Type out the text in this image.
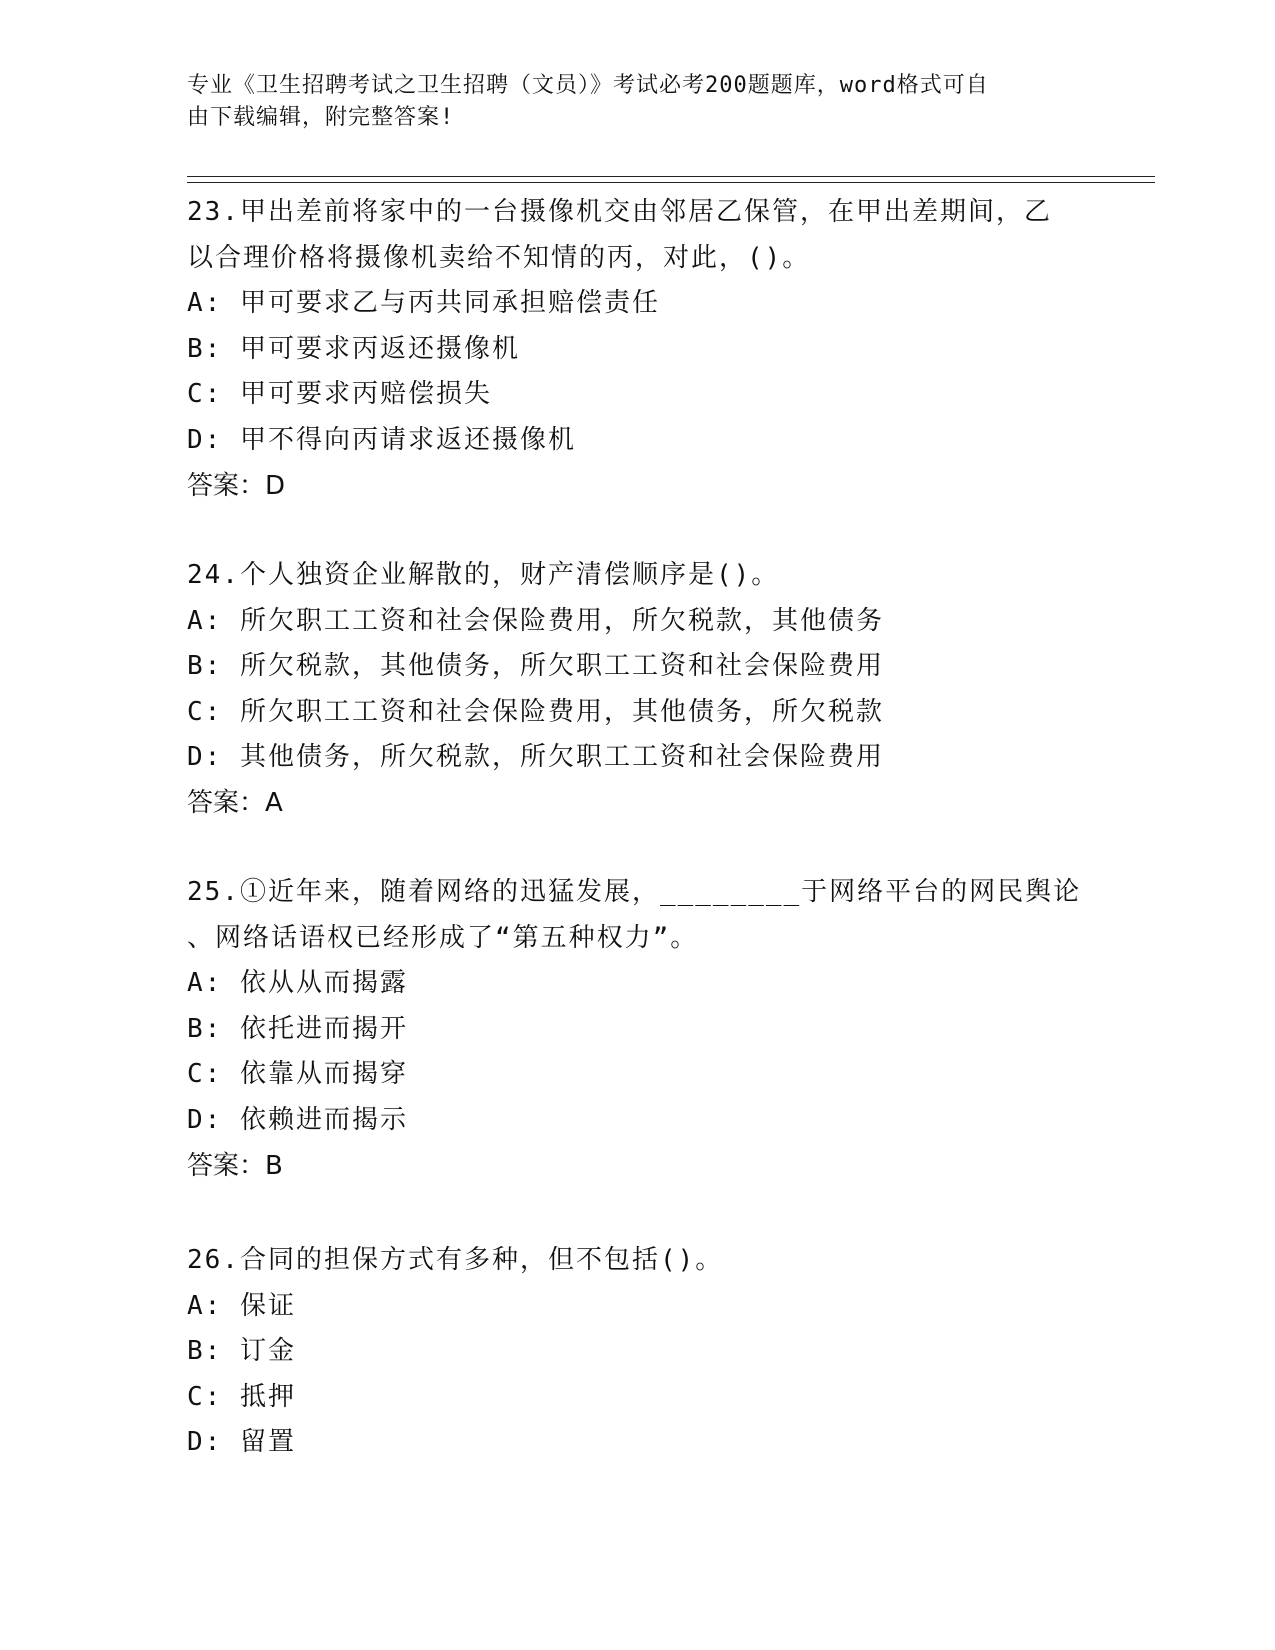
专业《卫生招聘考试之卫生招聘（文员）》考试必考200题题库，word格式可自
由下载编辑，附完整答案!
23.甲出差前将家中的一台摄像机交由邻居乙保管，在甲出差期间，乙
以合理价格将摄像机卖给不知情的丙，对此，()。
A: 甲可要求乙与丙共同承担赔偿责任
B: 甲可要求丙返还摄像机
C: 甲可要求丙赔偿损失
D: 甲不得向丙请求返还摄像机
答案：D
24.个人独资企业解散的，财产清偿顺序是()。
A: 所欠职工工资和社会保险费用，所欠税款，其他债务
B: 所欠税款，其他债务，所欠职工工资和社会保险费用
C: 所欠职工工资和社会保险费用，其他债务，所欠税款
D: 其他债务，所欠税款，所欠职工工资和社会保险费用
答案：A
25.①近年来，随着网络的迅猛发展，________于网络平台的网民舆论
、网络话语权已经形成了“第五种权力”。
A: 依从从而揭露
B: 依托进而揭开
C: 依靠从而揭穿
D: 依赖进而揭示
答案：B
26.合同的担保方式有多种，但不包括()。
A: 保证
B: 订金
C: 抵押
D: 留置
